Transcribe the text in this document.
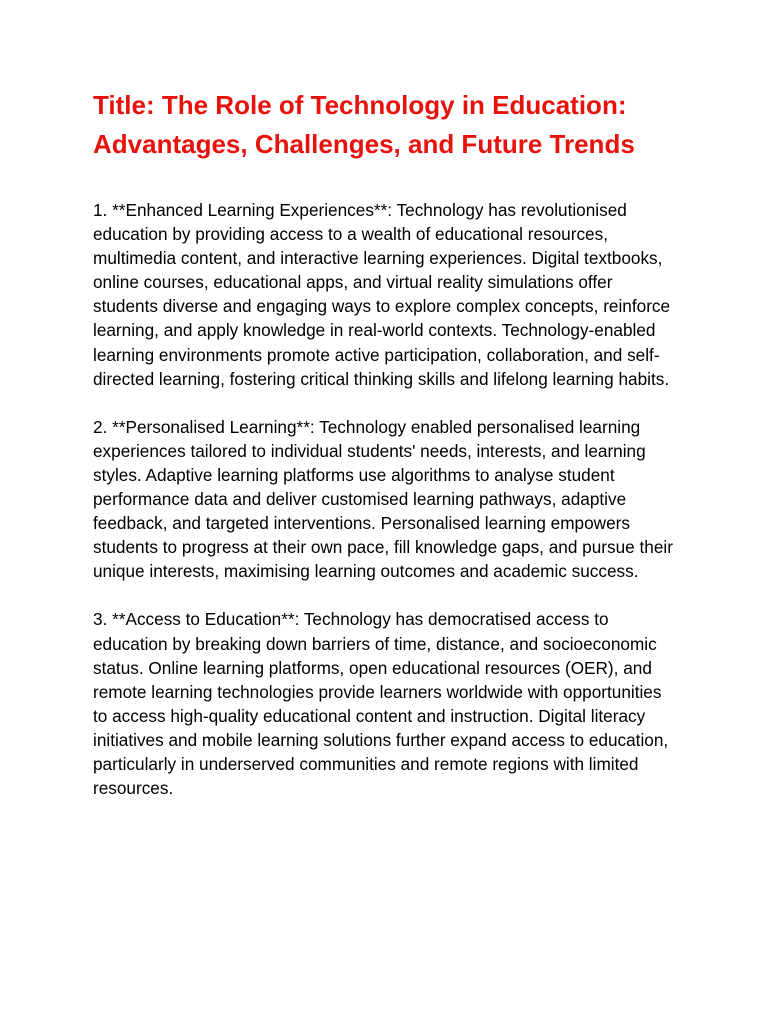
Title: The Role of Technology in Education: Advantages, Challenges, and Future Trends

1. **Enhanced Learning Experiences**: Technology has revolutionised education by providing access to a wealth of educational resources, multimedia content, and interactive learning experiences. Digital textbooks, online courses, educational apps, and virtual reality simulations offer students diverse and engaging ways to explore complex concepts, reinforce learning, and apply knowledge in real-world contexts. Technology-enabled learning environments promote active participation, collaboration, and self-directed learning, fostering critical thinking skills and lifelong learning habits.

2. **Personalised Learning**: Technology enabled personalised learning experiences tailored to individual students' needs, interests, and learning styles. Adaptive learning platforms use algorithms to analyse student performance data and deliver customised learning pathways, adaptive feedback, and targeted interventions. Personalised learning empowers students to progress at their own pace, fill knowledge gaps, and pursue their unique interests, maximising learning outcomes and academic success.

3. **Access to Education**: Technology has democratised access to education by breaking down barriers of time, distance, and socioeconomic status. Online learning platforms, open educational resources (OER), and remote learning technologies provide learners worldwide with opportunities to access high-quality educational content and instruction. Digital literacy initiatives and mobile learning solutions further expand access to education, particularly in underserved communities and remote regions with limited resources.
